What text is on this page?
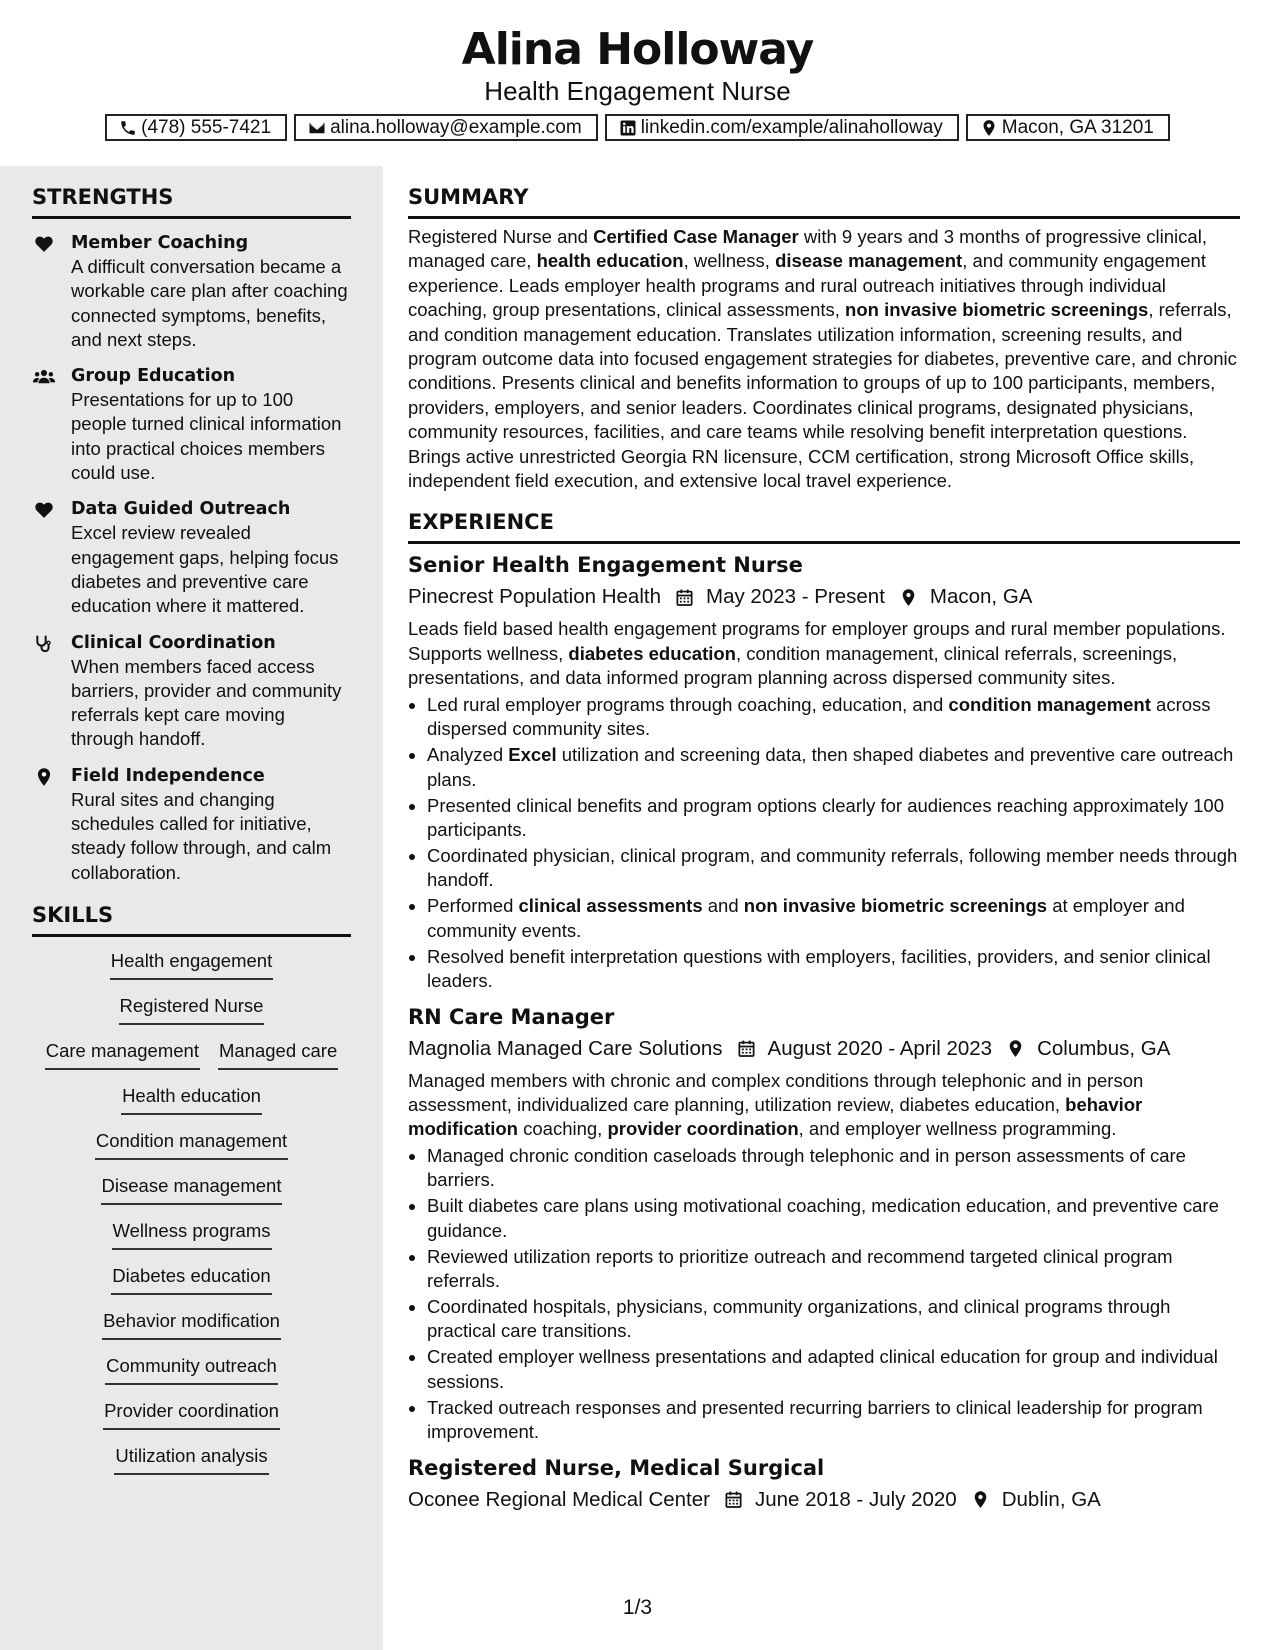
Alina Holloway
Health Engagement Nurse
(478) 555-7421	alina.holloway@example.com	linkedin.com/example/alinaholloway	Macon, GA 31201
STRENGTHS
Member Coaching
A difficult conversation became a workable care plan after coaching connected symptoms, benefits, and next steps.
Group Education
Presentations for up to 100 people turned clinical information into practical choices members could use.
Data Guided Outreach
Excel review revealed engagement gaps, helping focus diabetes and preventive care education where it mattered.
Clinical Coordination
When members faced access barriers, provider and community referrals kept care moving through handoff.
Field Independence
Rural sites and changing schedules called for initiative, steady follow through, and calm collaboration.
SKILLS
Health engagement
Registered Nurse
Care management Managed care
Health education
Condition management
Disease management
Wellness programs
Diabetes education
Behavior modification
Community outreach
Provider coordination
Utilization analysis
SUMMARY

Registered Nurse and Certified Case Manager with 9 years and 3 months of progressive clinical, managed care, health education, wellness, disease management, and community engagement experience. Leads employer health programs and rural outreach initiatives through individual coaching, group presentations, clinical assessments, non invasive biometric screenings, referrals, and condition management education. Translates utilization information, screening results, and program outcome data into focused engagement strategies for diabetes, preventive care, and chronic conditions. Presents clinical and benefits information to groups of up to 100 participants, members, providers, employers, and senior leaders. Coordinates clinical programs, designated physicians, community resources, facilities, and care teams while resolving benefit interpretation questions. Brings active unrestricted Georgia RN licensure, CCM certification, strong Microsoft Office skills, independent field execution, and extensive local travel experience.

EXPERIENCE
Senior Health Engagement Nurse
Pinecrest Population Health May 2023 - Present Macon, GA

Leads field based health engagement programs for employer groups and rural member populations. Supports wellness, diabetes education, condition management, clinical referrals, screenings, presentations, and data informed program planning across dispersed community sites.

• Led rural employer programs through coaching, education, and condition management across dispersed community sites.
• Analyzed Excel utilization and screening data, then shaped diabetes and preventive care outreach plans.
• Presented clinical benefits and program options clearly for audiences reaching approximately 100 participants.
• Coordinated physician, clinical program, and community referrals, following member needs through handoff.
• Performed clinical assessments and non invasive biometric screenings at employer and community events.
• Resolved benefit interpretation questions with employers, facilities, providers, and senior clinical leaders.
RN Care Manager
Magnolia Managed Care Solutions August 2020 - April 2023 Columbus, GA

Managed members with chronic and complex conditions through telephonic and in person assessment, individualized care planning, utilization review, diabetes education, behavior modification coaching, provider coordination, and employer wellness programming.

• Managed chronic condition caseloads through telephonic and in person assessments of care barriers.
• Built diabetes care plans using motivational coaching, medication education, and preventive care guidance.
• Reviewed utilization reports to prioritize outreach and recommend targeted clinical program referrals.
• Coordinated hospitals, physicians, community organizations, and clinical programs through practical care transitions.
• Created employer wellness presentations and adapted clinical education for group and individual sessions.
• Tracked outreach responses and presented recurring barriers to clinical leadership for program improvement.
Registered Nurse, Medical Surgical
Oconee Regional Medical Center June 2018 - July 2020 Dublin, GA
1/3
